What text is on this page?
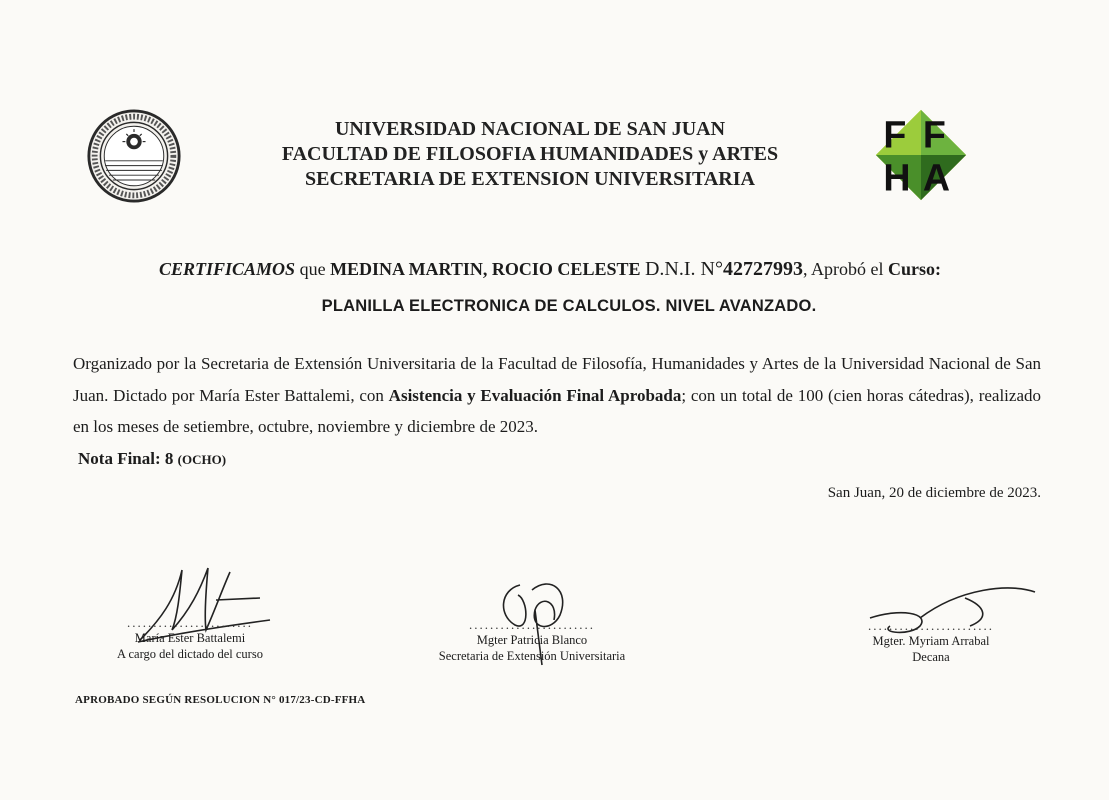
UNIVERSIDAD NACIONAL DE SAN JUAN
FACULTAD DE FILOSOFIA HUMANIDADES y ARTES
SECRETARIA DE EXTENSION UNIVERSITARIA
F F
H A
CERTIFICAMOS que MEDINA MARTIN, ROCIO CELESTE D.N.I. N°42727993, Aprobó el Curso:
PLANILLA ELECTRONICA DE CALCULOS. NIVEL AVANZADO.
Organizado por la Secretaria de Extensión Universitaria de la Facultad de Filosofía, Humanidades y Artes de la Universidad Nacional de San Juan. Dictado por María Ester Battalemi, con Asistencia y Evaluación Final Aprobada; con un total de 100 (cien horas cátedras), realizado en los meses de setiembre, octubre, noviembre y diciembre de 2023.
Nota Final: 8 (OCHO)
San Juan, 20 de diciembre de 2023.
........................
María Ester Battalemi
A cargo del dictado del curso
........................
Mgter Patricia Blanco
Secretaria de Extensión Universitaria
........................
Mgter. Myriam Arrabal
Decana
APROBADO SEGÚN RESOLUCION N° 017/23-CD-FFHA
